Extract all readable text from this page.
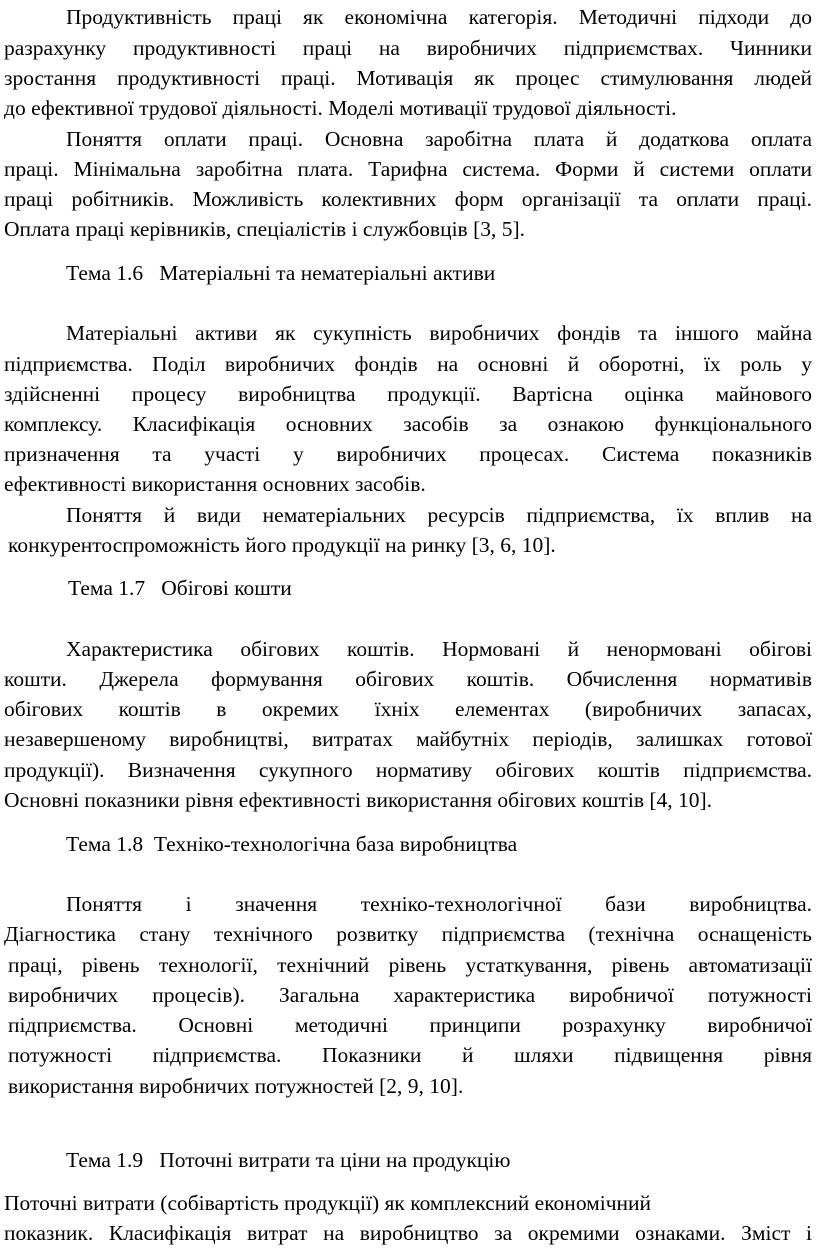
Продуктивність праці як економічна категорія. Методичні підходи до
разрахунку продуктивності праці на виробничих підприємствах. Чинники
зростання продуктивності праці. Мотивація як процес стимулювання людей
до ефективної трудової діяльності. Моделі мотивації трудової діяльності.
Поняття оплати праці. Основна заробітна плата й додаткова оплата
праці. Мінімальна заробітна плата. Тарифна система. Форми й системи оплати
праці робітників. Можливість колективних форм організації та оплати праці.
Оплата праці керівників, спеціалістів і службовців [3, 5].
Тема 1.6   Матеріальні та нематеріальні активи
Матеріальні активи як сукупність виробничих фондів та іншого майна
підприємства. Поділ виробничих фондів на основні й оборотні, їх роль у
здійсненні процесу виробництва продукції. Вартісна оцінка майнового
комплексу. Класифікація основних засобів за ознакою функціонального
призначення та участі у виробничих процесах. Система показників
ефективності використання основних засобів.
Поняття й види нематеріальних ресурсів підприємства, їх вплив на
конкурентоспроможність його продукції на ринку [3, 6, 10].
Тема 1.7   Обігові кошти
Характеристика обігових коштів. Нормовані й ненормовані обігові
кошти. Джерела формування обігових коштів. Обчислення нормативів
обігових коштів в окремих їхніх елементах (виробничих запасах,
незавершеному виробництві, витратах майбутніх періодів, залишках готової
продукції). Визначення сукупного нормативу обігових коштів підприємства.
Основні показники рівня ефективності використання обігових коштів [4, 10].
Тема 1.8  Техніко-технологічна база виробництва
Поняття і значення техніко-технологічної бази виробництва.
Діагностика стану технічного розвитку підприємства (технічна оснащеність
праці, рівень технології, технічний рівень устаткування, рівень автоматизації
виробничих процесів). Загальна характеристика виробничої потужності
підприємства. Основні методичні принципи розрахунку виробничої
потужності підприємства. Показники й шляхи підвищення рівня
використання виробничих потужностей [2, 9, 10].
Тема 1.9   Поточні витрати та ціни на продукцію
Поточні витрати (собівартість продукції) як комплексний економічний
показник. Класифікація витрат на виробництво за окремими ознаками. Зміст і
